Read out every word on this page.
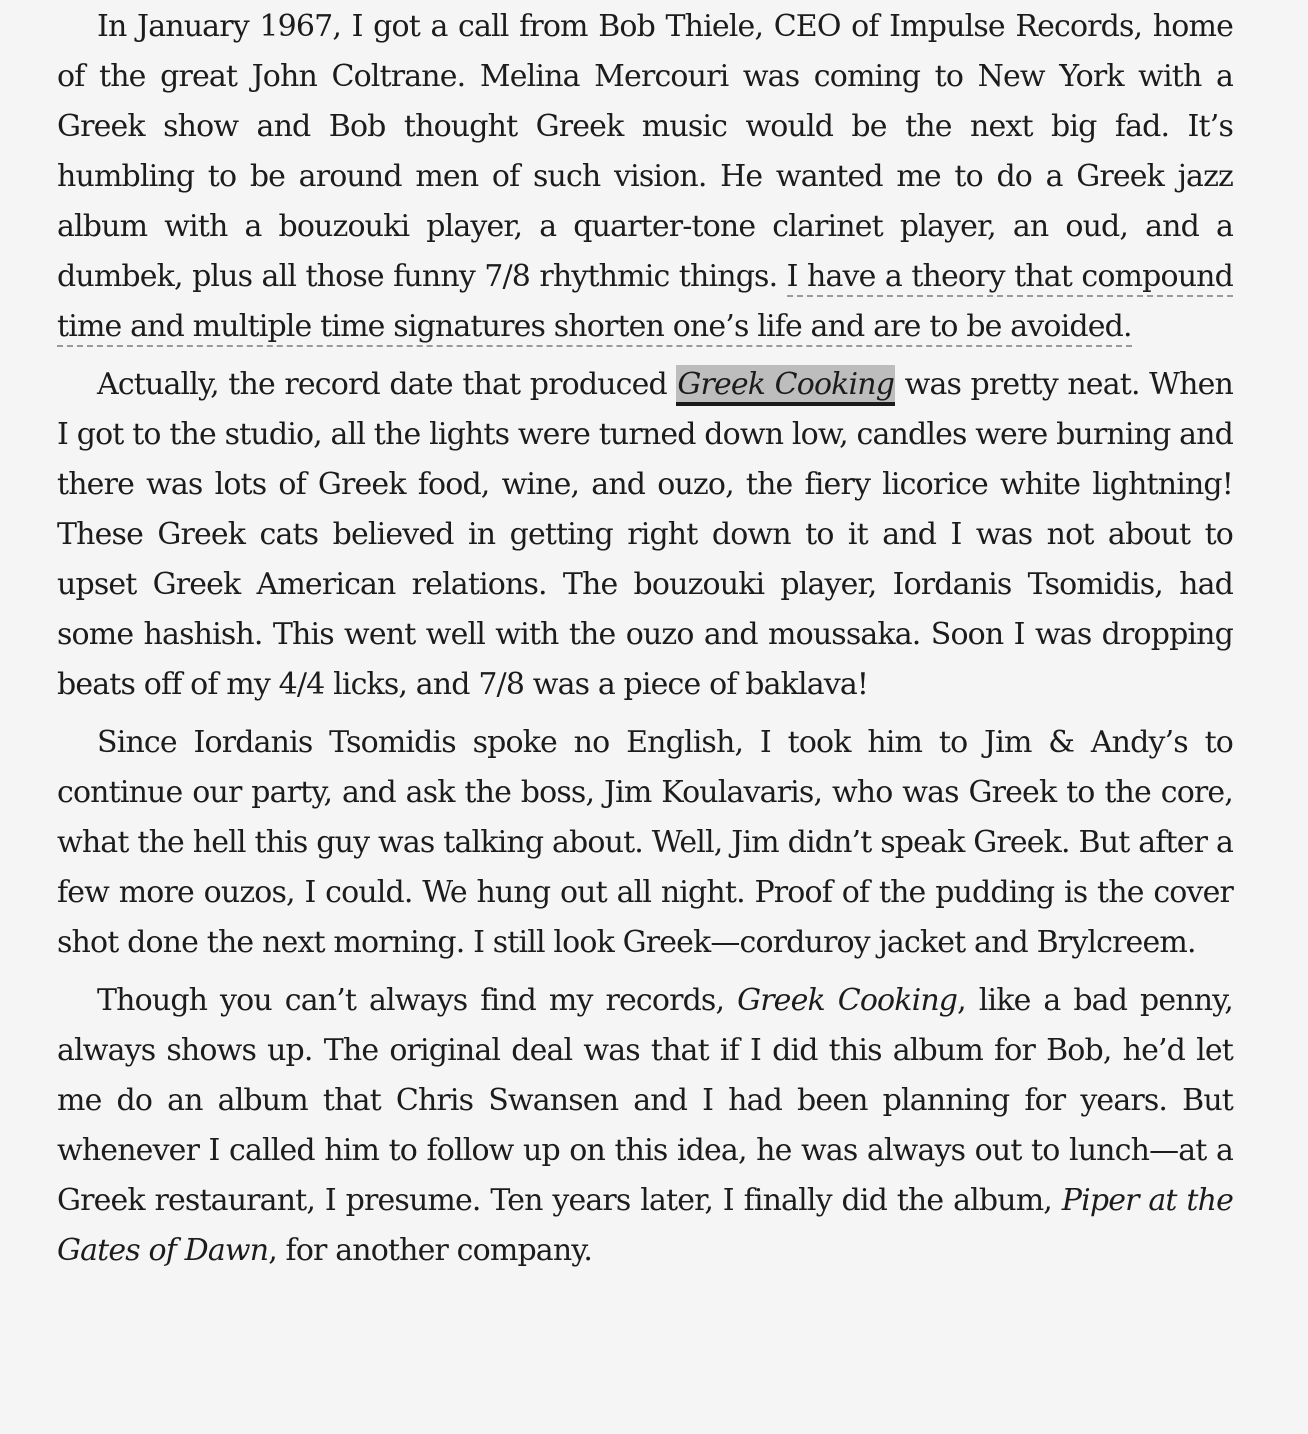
In January 1967, I got a call from Bob Thiele, CEO of Impulse Records, home of the great John Coltrane. Melina Mercouri was coming to New York with a Greek show and Bob thought Greek music would be the next big fad. It’s humbling to be around men of such vision. He wanted me to do a Greek jazz album with a bouzouki player, a quarter-tone clarinet player, an oud, and a dumbek, plus all those funny 7/8 rhythmic things. I have a theory that compound time and multiple time signatures shorten one’s life and are to be avoided.

Actually, the record date that produced Greek Cooking was pretty neat. When I got to the studio, all the lights were turned down low, candles were burning and there was lots of Greek food, wine, and ouzo, the fiery licorice white lightning! These Greek cats believed in getting right down to it and I was not about to upset Greek American relations. The bouzouki player, Iordanis Tsomidis, had some hashish. This went well with the ouzo and moussaka. Soon I was dropping beats off of my 4/4 licks, and 7/8 was a piece of baklava!

Since Iordanis Tsomidis spoke no English, I took him to Jim & Andy’s to continue our party, and ask the boss, Jim Koulavaris, who was Greek to the core, what the hell this guy was talking about. Well, Jim didn’t speak Greek. But after a few more ouzos, I could. We hung out all night. Proof of the pudding is the cover shot done the next morning. I still look Greek—corduroy jacket and Brylcreem.

Though you can’t always find my records, Greek Cooking, like a bad penny, always shows up. The original deal was that if I did this album for Bob, he’d let me do an album that Chris Swansen and I had been planning for years. But whenever I called him to follow up on this idea, he was always out to lunch—at a Greek restaurant, I presume. Ten years later, I finally did the album, Piper at the Gates of Dawn, for another company.
